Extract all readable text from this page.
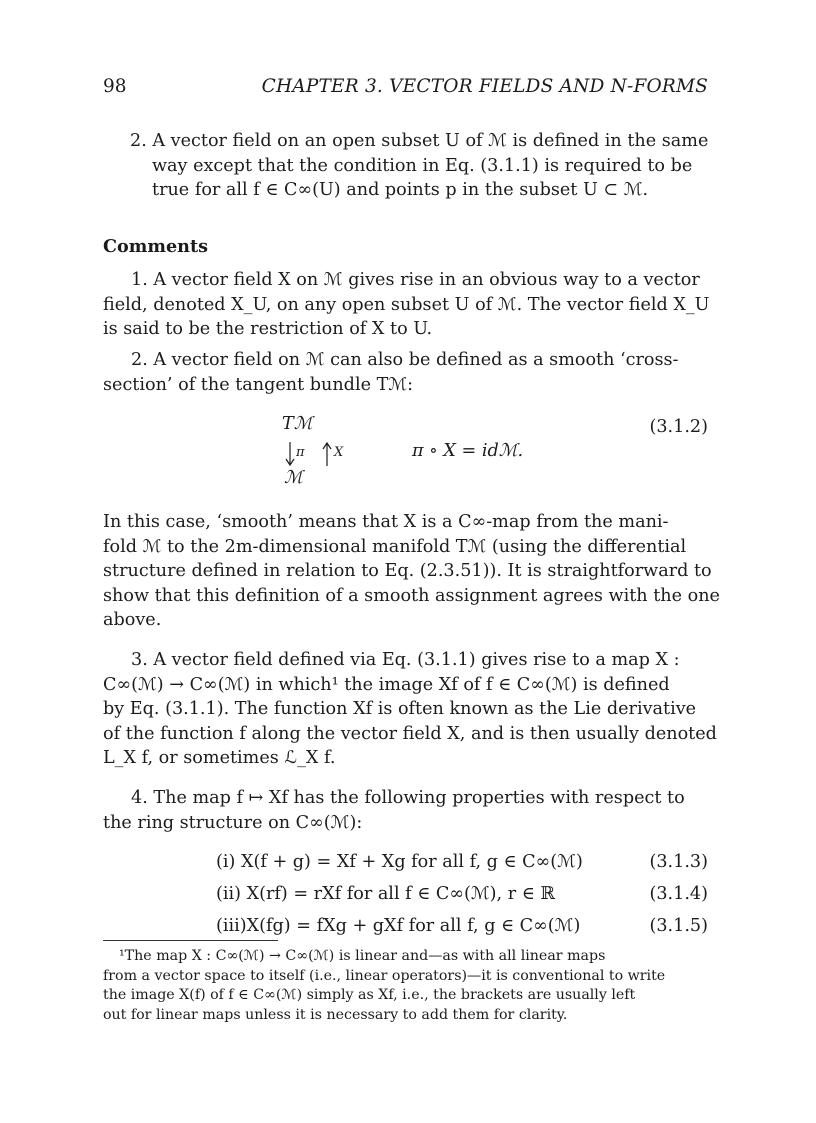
98	CHAPTER 3. VECTOR FIELDS AND N-FORMS
2. A vector field on an open subset U of ℳ is defined in the same
way except that the condition in Eq. (3.1.1) is required to be
true for all f ∈ C∞(U) and points p in the subset U ⊂ ℳ.
Comments
1. A vector field X on ℳ gives rise in an obvious way to a vector
field, denoted X_U, on any open subset U of ℳ. The vector field X_U
is said to be the restriction of X to U.
2. A vector field on ℳ can also be defined as a smooth ‘cross-
section’ of the tangent bundle Tℳ:
Tℳ
π X
ℳ
π ∘ X = idℳ.
(3.1.2)
In this case, ‘smooth’ means that X is a C∞-map from the mani-
fold ℳ to the 2m-dimensional manifold Tℳ (using the differential
structure defined in relation to Eq. (2.3.51)). It is straightforward to
show that this definition of a smooth assignment agrees with the one
above.
3. A vector field defined via Eq. (3.1.1) gives rise to a map X :
C∞(ℳ) → C∞(ℳ) in which¹ the image Xf of f ∈ C∞(ℳ) is defined
by Eq. (3.1.1). The function Xf is often known as the Lie derivative
of the function f along the vector field X, and is then usually denoted
L_X f, or sometimes ℒ_X f.
4. The map f ↦ Xf has the following properties with respect to
the ring structure on C∞(ℳ):
(i) X(f + g) = Xf + Xg for all f, g ∈ C∞(ℳ)	(3.1.3)
(ii) X(rf) = rXf for all f ∈ C∞(ℳ), r ∈ ℝ	(3.1.4)
(iii)X(fg) = fXg + gXf for all f, g ∈ C∞(ℳ)	(3.1.5)
¹The map X : C∞(ℳ) → C∞(ℳ) is linear and—as with all linear maps
from a vector space to itself (i.e., linear operators)—it is conventional to write
the image X(f) of f ∈ C∞(ℳ) simply as Xf, i.e., the brackets are usually left
out for linear maps unless it is necessary to add them for clarity.
